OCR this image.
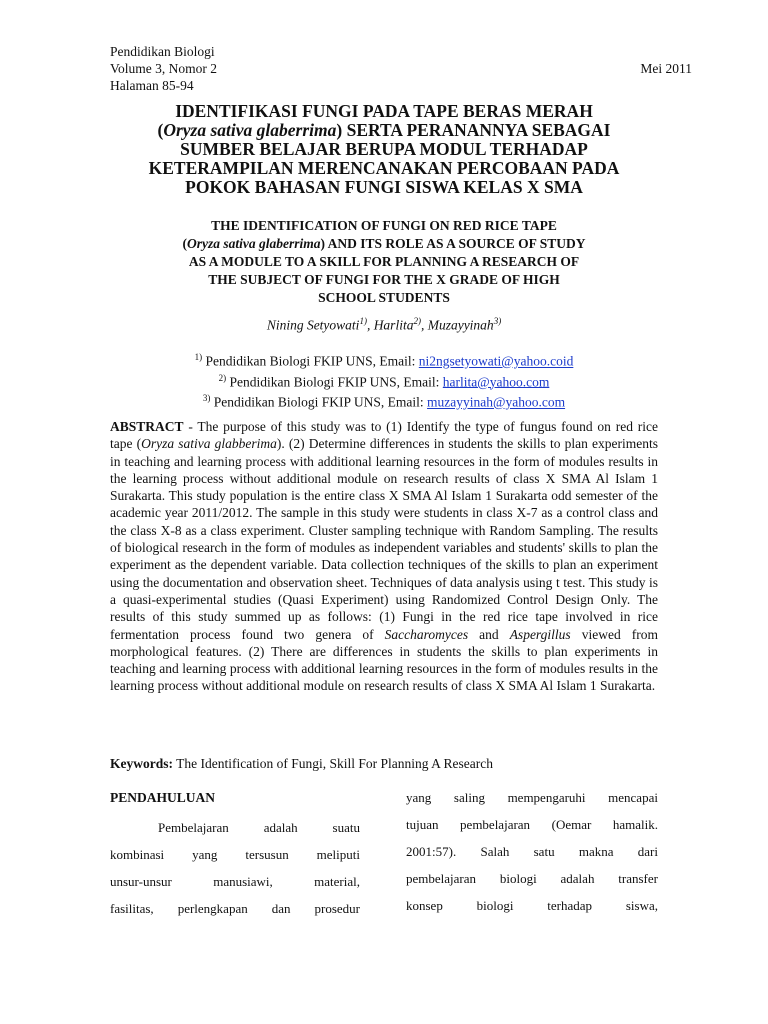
Pendidikan Biologi
Volume 3, Nomor 2	Mei 2011
Halaman 85-94
IDENTIFIKASI FUNGI PADA TAPE BERAS MERAH
(Oryza sativa glaberrima) SERTA PERANANNYA SEBAGAI
SUMBER BELAJAR BERUPA MODUL TERHADAP
KETERAMPILAN MERENCANAKAN PERCOBAAN PADA
POKOK BAHASAN FUNGI SISWA KELAS X SMA
THE IDENTIFICATION OF FUNGI ON RED RICE TAPE
(Oryza sativa glaberrima) AND ITS ROLE AS A SOURCE OF STUDY
AS A MODULE TO A SKILL FOR PLANNING A RESEARCH OF
THE SUBJECT OF FUNGI FOR THE X GRADE OF HIGH
SCHOOL STUDENTS
Nining Setyowati$^{1)}$, Harlita$^{2)}$, Muzayyinah$^{3)}$
$^{1)}$ Pendidikan Biologi FKIP UNS, Email: ni2ngsetyowati@yahoo.coid
$^{2)}$ Pendidikan Biologi FKIP UNS, Email: harlita@yahoo.com
$^{3)}$ Pendidikan Biologi FKIP UNS, Email: muzayyinah@yahoo.com
ABSTRACT - The purpose of this study was to (1) Identify the type of fungus found on red rice tape (Oryza sativa glabberima). (2) Determine differences in students the skills to plan experiments in teaching and learning process with additional learning resources in the form of modules results in the learning process without additional module on research results of class X SMA Al Islam 1 Surakarta. This study population is the entire class X SMA Al Islam 1 Surakarta odd semester of the academic year 2011/2012. The sample in this study were students in class X-7 as a control class and the class X-8 as a class experiment. Cluster sampling technique with Random Sampling. The results of biological research in the form of modules as independent variables and students' skills to plan the experiment as the dependent variable. Data collection techniques of the skills to plan an experiment using the documentation and observation sheet. Techniques of data analysis using t test. This study is a quasi-experimental studies (Quasi Experiment) using Randomized Control Design Only. The results of this study summed up as follows: (1) Fungi in the red rice tape involved in rice fermentation process found two genera of Saccharomyces and Aspergillus viewed from morphological features. (2) There are differences in students the skills to plan experiments in teaching and learning process with additional learning resources in the form of modules results in the learning process without additional module on research results of class X SMA Al Islam 1 Surakarta.
Keywords: The Identification of Fungi, Skill For Planning A Research
PENDAHULUAN
Pembelajaran	adalah	suatu
kombinasi yang tersusun meliputi
unsur-unsur	manusiawi,	material,
fasilitas, perlengkapan dan prosedur
yang saling mempengaruhi mencapai
tujuan pembelajaran (Oemar hamalik.
2001:57). Salah satu makna dari
pembelajaran biologi adalah transfer
konsep	biologi	terhadap	siswa,
